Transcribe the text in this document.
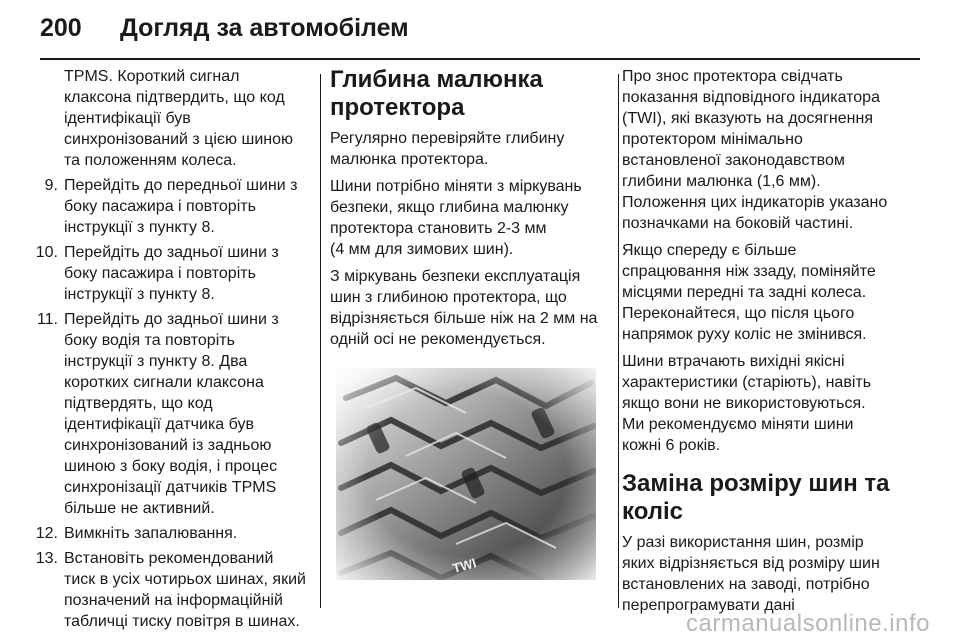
200 Догляд за автомобілем
TPMS. Короткий сигнал
клаксона підтвердить, що код
ідентифікації був
синхронізований з цією шиною
та положенням колеса.
9. Перейдіть до передньої шини з
боку пасажира і повторіть
інструкції з пункту 8.
10. Перейдіть до задньої шини з
боку пасажира і повторіть
інструкції з пункту 8.
11. Перейдіть до задньої шини з
боку водія та повторіть
інструкції з пункту 8. Два
коротких сигнали клаксона
підтвердять, що код
ідентифікації датчика був
синхронізований із задньою
шиною з боку водія, і процес
синхронізації датчиків TPMS
більше не активний.
12. Вимкніть запалювання.
13. Встановіть рекомендований
тиск в усіх чотирьох шинах, який
позначений на інформаційній
табличці тиску повітря в шинах.
Глибина малюнка
протектора
Регулярно перевіряйте глибину
малюнка протектора.
Шини потрібно міняти з міркувань
безпеки, якщо глибина малюнку
протектора становить 2-3 мм
(4 мм для зимових шин).
З міркувань безпеки експлуатація
шин з глибиною протектора, що
відрізняється більше ніж на 2 мм на
одній осі не рекомендується.
TWI
Про знос протектора свідчать
показання відповідного індикатора
(TWI), які вказують на досягнення
протектором мінімально
встановленої законодавством
глибини малюнка (1,6 мм).
Положення цих індикаторів указано
позначками на боковій частині.
Якщо спереду є більше
спрацювання ніж ззаду, поміняйте
місцями передні та задні колеса.
Переконайтеся, що після цього
напрямок руху коліс не змінився.
Шини втрачають вихідні якісні
характеристики (старіють), навіть
якщо вони не використовуються.
Ми рекомендуємо міняти шини
кожні 6 років.
Заміна розміру шин та
коліс
У разі використання шин, розмір
яких відрізняється від розміру шин
встановлених на заводі, потрібно
перепрограмувати дані
carmanualsonline.info
